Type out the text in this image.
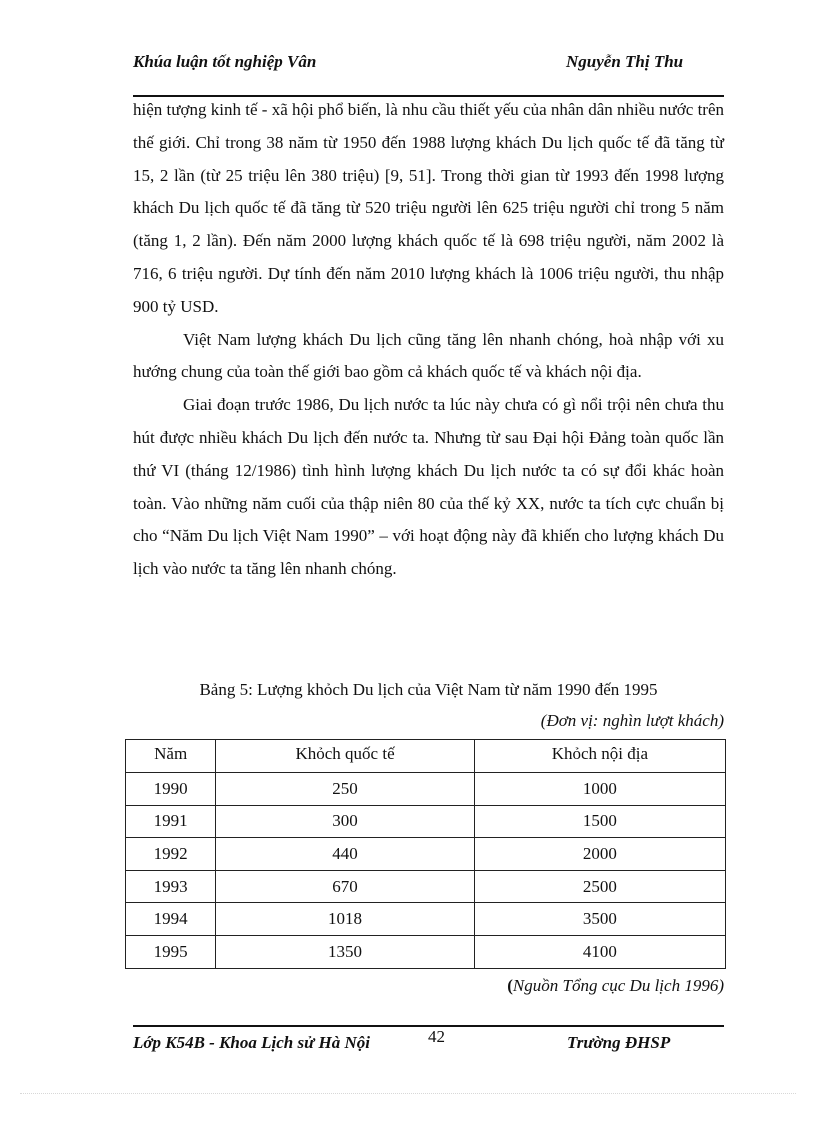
Khúa luận tốt nghiệp Vân	Nguyễn Thị Thu

hiện tượng kinh tế - xã hội phổ biến, là nhu cầu thiết yếu của nhân dân nhiều nước trên thế giới. Chỉ trong 38 năm từ 1950 đến 1988 lượng khách Du lịch quốc tế đã tăng từ 15, 2 lần (từ 25 triệu lên 380 triệu) [9, 51]. Trong thời gian từ 1993 đến 1998 lượng khách Du lịch quốc tế đã tăng từ 520 triệu người lên 625 triệu người chỉ trong 5 năm (tăng 1, 2 lần). Đến năm 2000 lượng khách quốc tế là 698 triệu người, năm 2002 là 716, 6 triệu người. Dự tính đến năm 2010 lượng khách là 1006 triệu người, thu nhập 900 tỷ USD.

Việt Nam lượng khách Du lịch cũng tăng lên nhanh chóng, hoà nhập với xu hướng chung của toàn thế giới bao gồm cả khách quốc tế và khách nội địa.

Giai đoạn trước 1986, Du lịch nước ta lúc này chưa có gì nổi trội nên chưa thu hút được nhiều khách Du lịch đến nước ta. Nhưng từ sau Đại hội Đảng toàn quốc lần thứ VI (tháng 12/1986) tình hình lượng khách Du lịch nước ta có sự đổi khác hoàn toàn. Vào những năm cuối của thập niên 80 của thế kỷ XX, nước ta tích cực chuẩn bị cho “Năm Du lịch Việt Nam 1990” – với hoạt động này đã khiến cho lượng khách Du lịch vào nước ta tăng lên nhanh chóng.

Bảng 5: Lượng khỏch Du lịch của Việt Nam từ năm 1990 đến 1995
(Đơn vị: nghìn lượt khách)
Năm	Khỏch quốc tế	Khỏch nội địa
1990	250	1000
1991	300	1500
1992	440	2000
1993	670	2500
1994	1018	3500
1995	1350	4100
(Nguồn Tổng cục Du lịch 1996)
Lớp K54B - Khoa Lịch sử Hà Nội	42	Trường ĐHSP
